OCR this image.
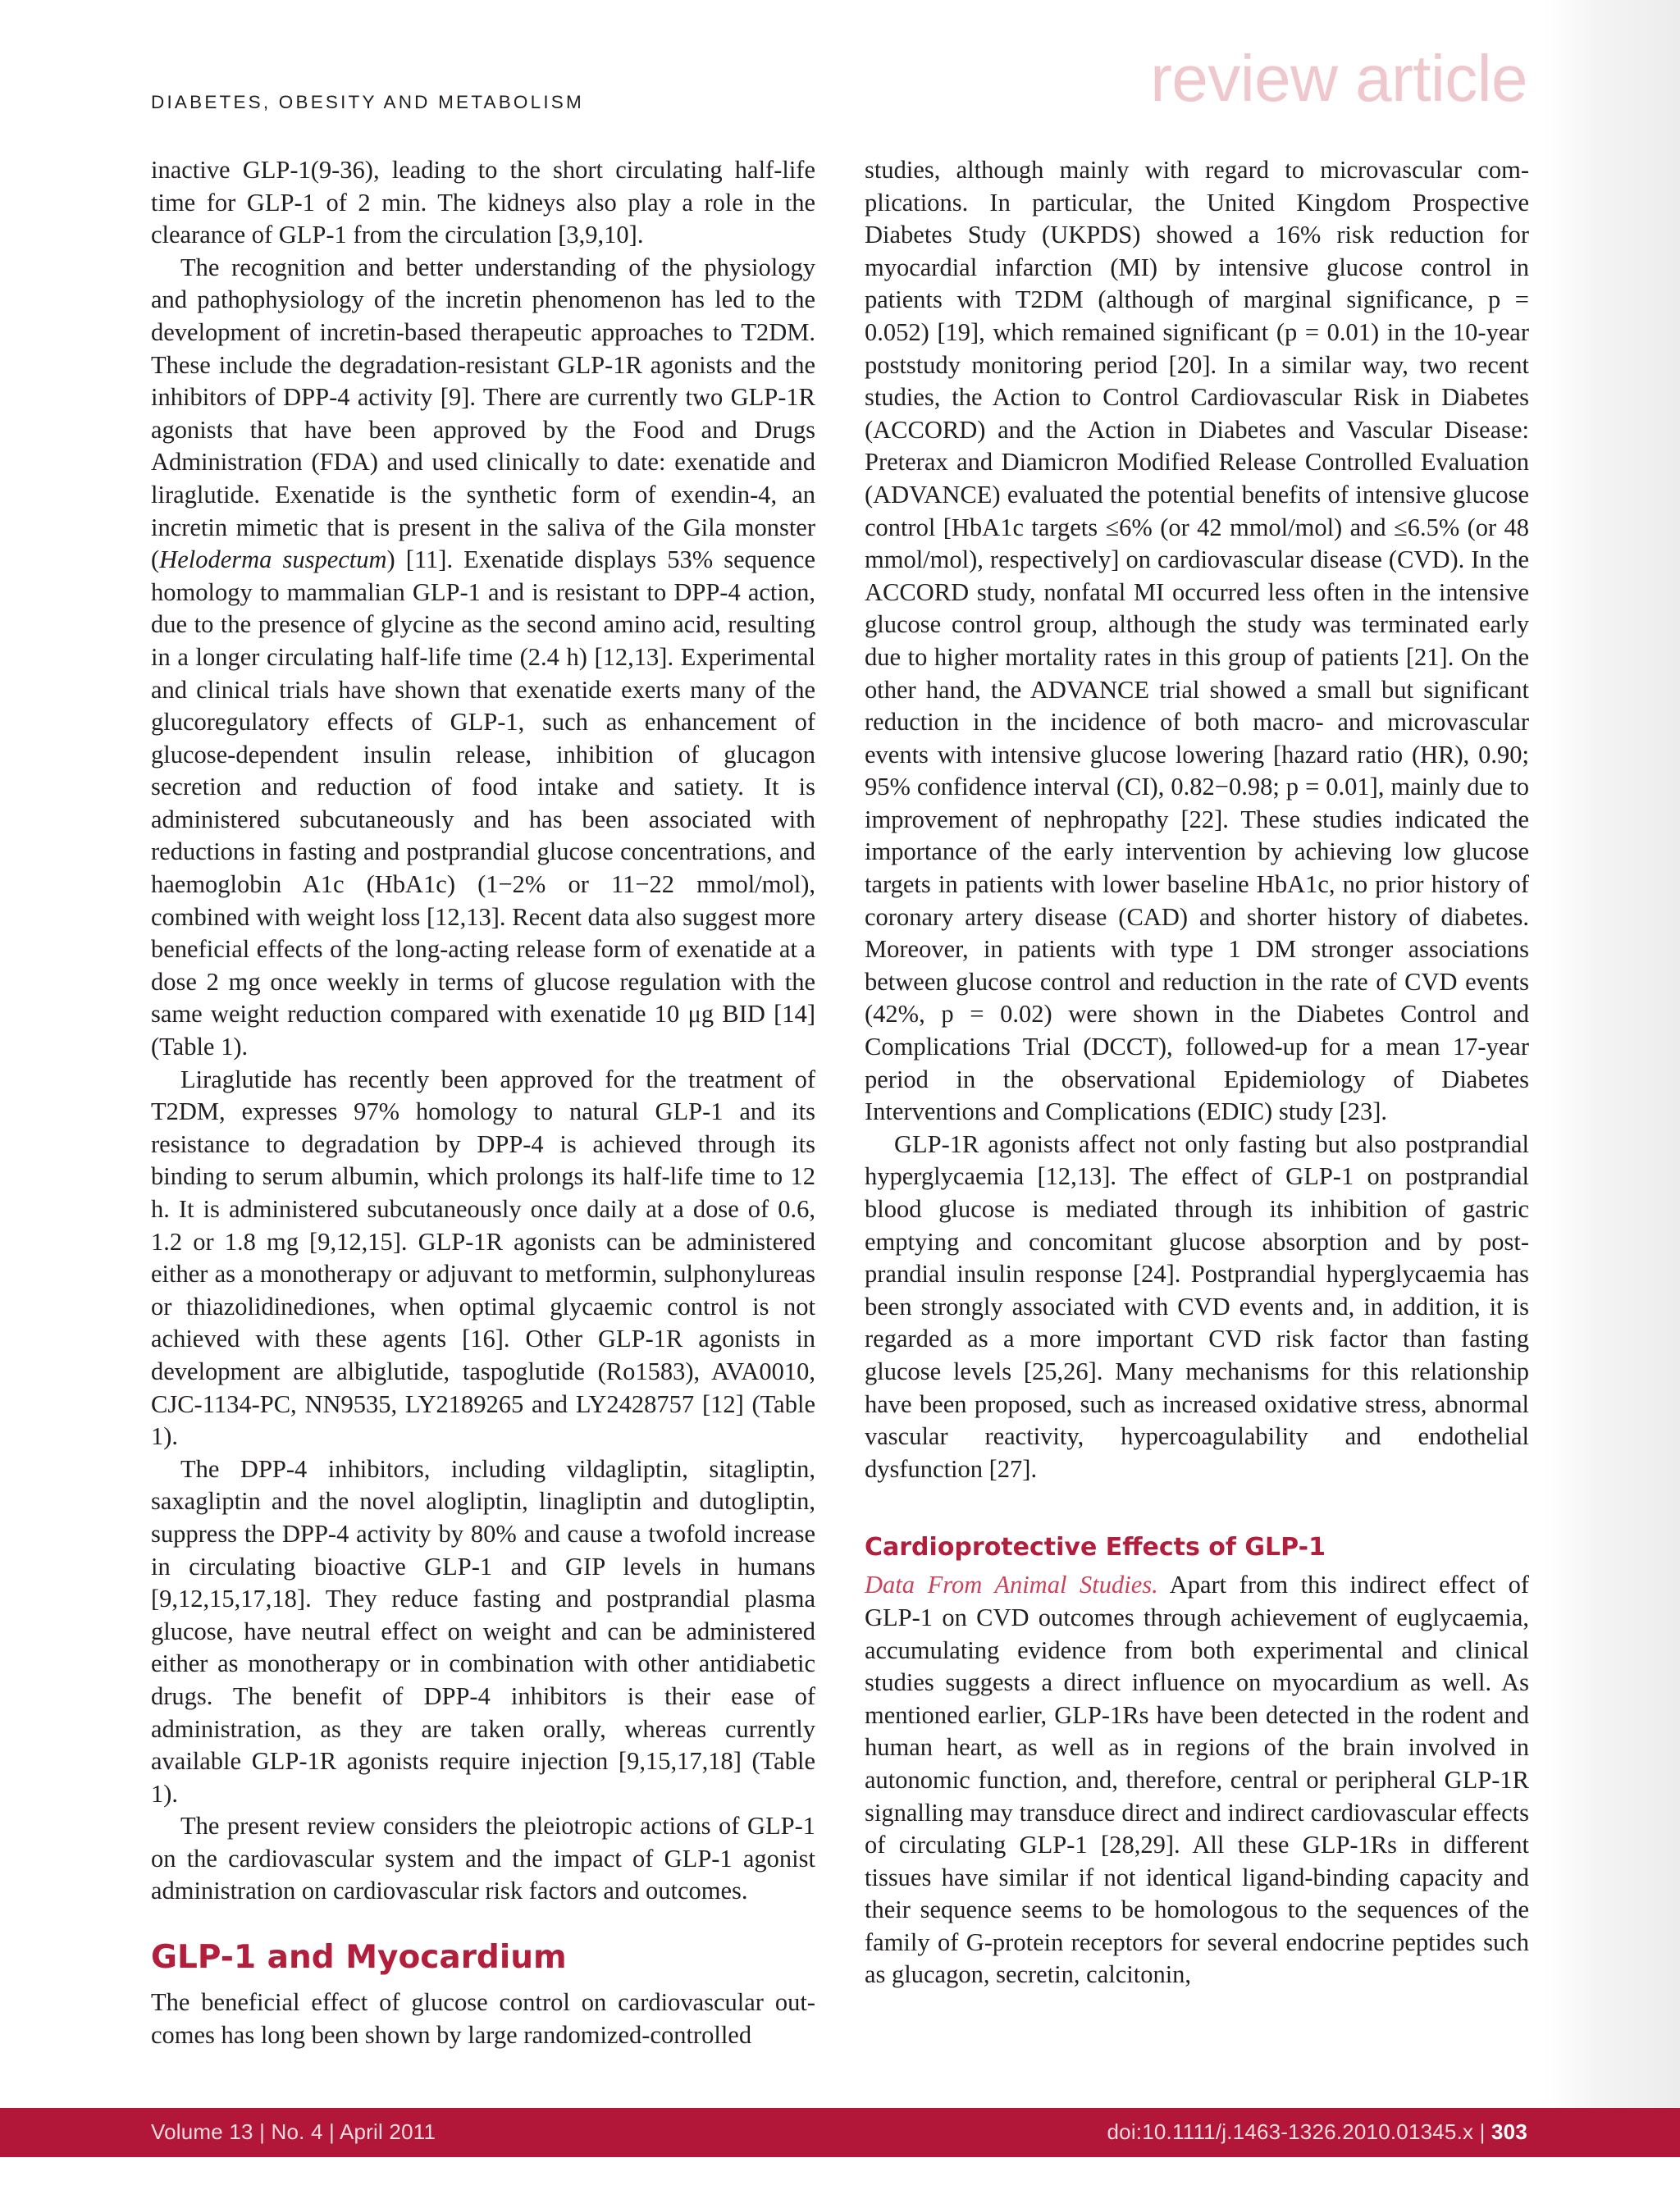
DIABETES, OBESITY AND METABOLISM	review article

inactive GLP-1(9-36), leading to the short circulating half-life time for GLP-1 of 2 min. The kidneys also play a role in the clearance of GLP-1 from the circulation [3,9,10].

The recognition and better understanding of the physiology and pathophysiology of the incretin phenomenon has led to the development of incretin-based therapeutic approaches to T2DM. These include the degradation-resistant GLP-1R agonists and the inhibitors of DPP-4 activity [9]. There are currently two GLP-1R agonists that have been approved by the Food and Drugs Administration (FDA) and used clinically to date: exenatide and liraglutide. Exenatide is the synthetic form of exendin-4, an incretin mimetic that is present in the saliva of the Gila monster (Heloderma suspectum) [11]. Exenatide displays 53% sequence homology to mammalian GLP-1 and is resistant to DPP-4 action, due to the presence of glycine as the second amino acid, resulting in a longer circulating half-life time (2.4 h) [12,13]. Experimental and clinical trials have shown that exenatide exerts many of the glucoregulatory effects of GLP-1, such as enhancement of glucose-dependent insulin release, inhibition of glucagon secretion and reduction of food intake and satiety. It is administered subcutaneously and has been associated with reductions in fasting and postprandial glucose concentrations, and haemoglobin A1c (HbA1c) (1−2% or 11−22 mmol/mol), combined with weight loss [12,13]. Recent data also suggest more beneficial effects of the long-acting release form of exenatide at a dose 2 mg once weekly in terms of glucose regulation with the same weight reduction compared with exenatide 10 μg BID [14] (Table 1).

Liraglutide has recently been approved for the treatment of T2DM, expresses 97% homology to natural GLP-1 and its resistance to degradation by DPP-4 is achieved through its binding to serum albumin, which prolongs its half-life time to 12 h. It is administered subcutaneously once daily at a dose of 0.6, 1.2 or 1.8 mg [9,12,15]. GLP-1R agonists can be administered either as a monotherapy or adjuvant to metformin, sulphonylureas or thiazolidinediones, when optimal glycaemic control is not achieved with these agents [16]. Other GLP-1R agonists in development are albiglutide, taspoglutide (Ro1583), AVA0010, CJC-1134-PC, NN9535, LY2189265 and LY2428757 [12] (Table 1).

The DPP-4 inhibitors, including vildagliptin, sitagliptin, saxagliptin and the novel alogliptin, linagliptin and dutogliptin, suppress the DPP-4 activity by 80% and cause a twofold increase in circulating bioactive GLP-1 and GIP levels in humans [9,12,15,17,18]. They reduce fasting and postprandial plasma glucose, have neutral effect on weight and can be administered either as monotherapy or in combination with other antidiabetic drugs. The benefit of DPP-4 inhibitors is their ease of administration, as they are taken orally, whereas currently available GLP-1R agonists require injection [9,15,17,18] (Table 1).

The present review considers the pleiotropic actions of GLP-1 on the cardiovascular system and the impact of GLP-1 agonist administration on cardiovascular risk factors and outcomes.

GLP-1 and Myocardium

The beneficial effect of glucose control on cardiovascular outcomes has long been shown by large randomized-controlled

studies, although mainly with regard to microvascular complications. In particular, the United Kingdom Prospective Diabetes Study (UKPDS) showed a 16% risk reduction for myocardial infarction (MI) by intensive glucose control in patients with T2DM (although of marginal significance, p = 0.052) [19], which remained significant (p = 0.01) in the 10-year poststudy monitoring period [20]. In a similar way, two recent studies, the Action to Control Cardiovascular Risk in Diabetes (ACCORD) and the Action in Diabetes and Vascular Disease: Preterax and Diamicron Modified Release Controlled Evaluation (ADVANCE) evaluated the potential benefits of intensive glucose control [HbA1c targets ≤6% (or 42 mmol/mol) and ≤6.5% (or 48 mmol/mol), respectively] on cardiovascular disease (CVD). In the ACCORD study, nonfatal MI occurred less often in the intensive glucose control group, although the study was terminated early due to higher mortality rates in this group of patients [21]. On the other hand, the ADVANCE trial showed a small but significant reduction in the incidence of both macro- and microvascular events with intensive glucose lowering [hazard ratio (HR), 0.90; 95% confidence interval (CI), 0.82−0.98; p = 0.01], mainly due to improvement of nephropathy [22]. These studies indicated the importance of the early intervention by achieving low glucose targets in patients with lower baseline HbA1c, no prior history of coronary artery disease (CAD) and shorter history of diabetes. Moreover, in patients with type 1 DM stronger associations between glucose control and reduction in the rate of CVD events (42%, p = 0.02) were shown in the Diabetes Control and Complications Trial (DCCT), followed-up for a mean 17-year period in the observational Epidemiology of Diabetes Interventions and Complications (EDIC) study [23].

GLP-1R agonists affect not only fasting but also postprandial hyperglycaemia [12,13]. The effect of GLP-1 on postprandial blood glucose is mediated through its inhibition of gastric emptying and concomitant glucose absorption and by postprandial insulin response [24]. Postprandial hyperglycaemia has been strongly associated with CVD events and, in addition, it is regarded as a more important CVD risk factor than fasting glucose levels [25,26]. Many mechanisms for this relationship have been proposed, such as increased oxidative stress, abnormal vascular reactivity, hypercoagulability and endothelial dysfunction [27].

Cardioprotective Effects of GLP-1

Data From Animal Studies. Apart from this indirect effect of GLP-1 on CVD outcomes through achievement of euglycaemia, accumulating evidence from both experimental and clinical studies suggests a direct influence on myocardium as well. As mentioned earlier, GLP-1Rs have been detected in the rodent and human heart, as well as in regions of the brain involved in autonomic function, and, therefore, central or peripheral GLP-1R signalling may transduce direct and indirect cardiovascular effects of circulating GLP-1 [28,29]. All these GLP-1Rs in different tissues have similar if not identical ligand-binding capacity and their sequence seems to be homologous to the sequences of the family of G-protein receptors for several endocrine peptides such as glucagon, secretin, calcitonin,

Volume 13 | No. 4 | April 2011	doi:10.1111/j.1463-1326.2010.01345.x | 303
